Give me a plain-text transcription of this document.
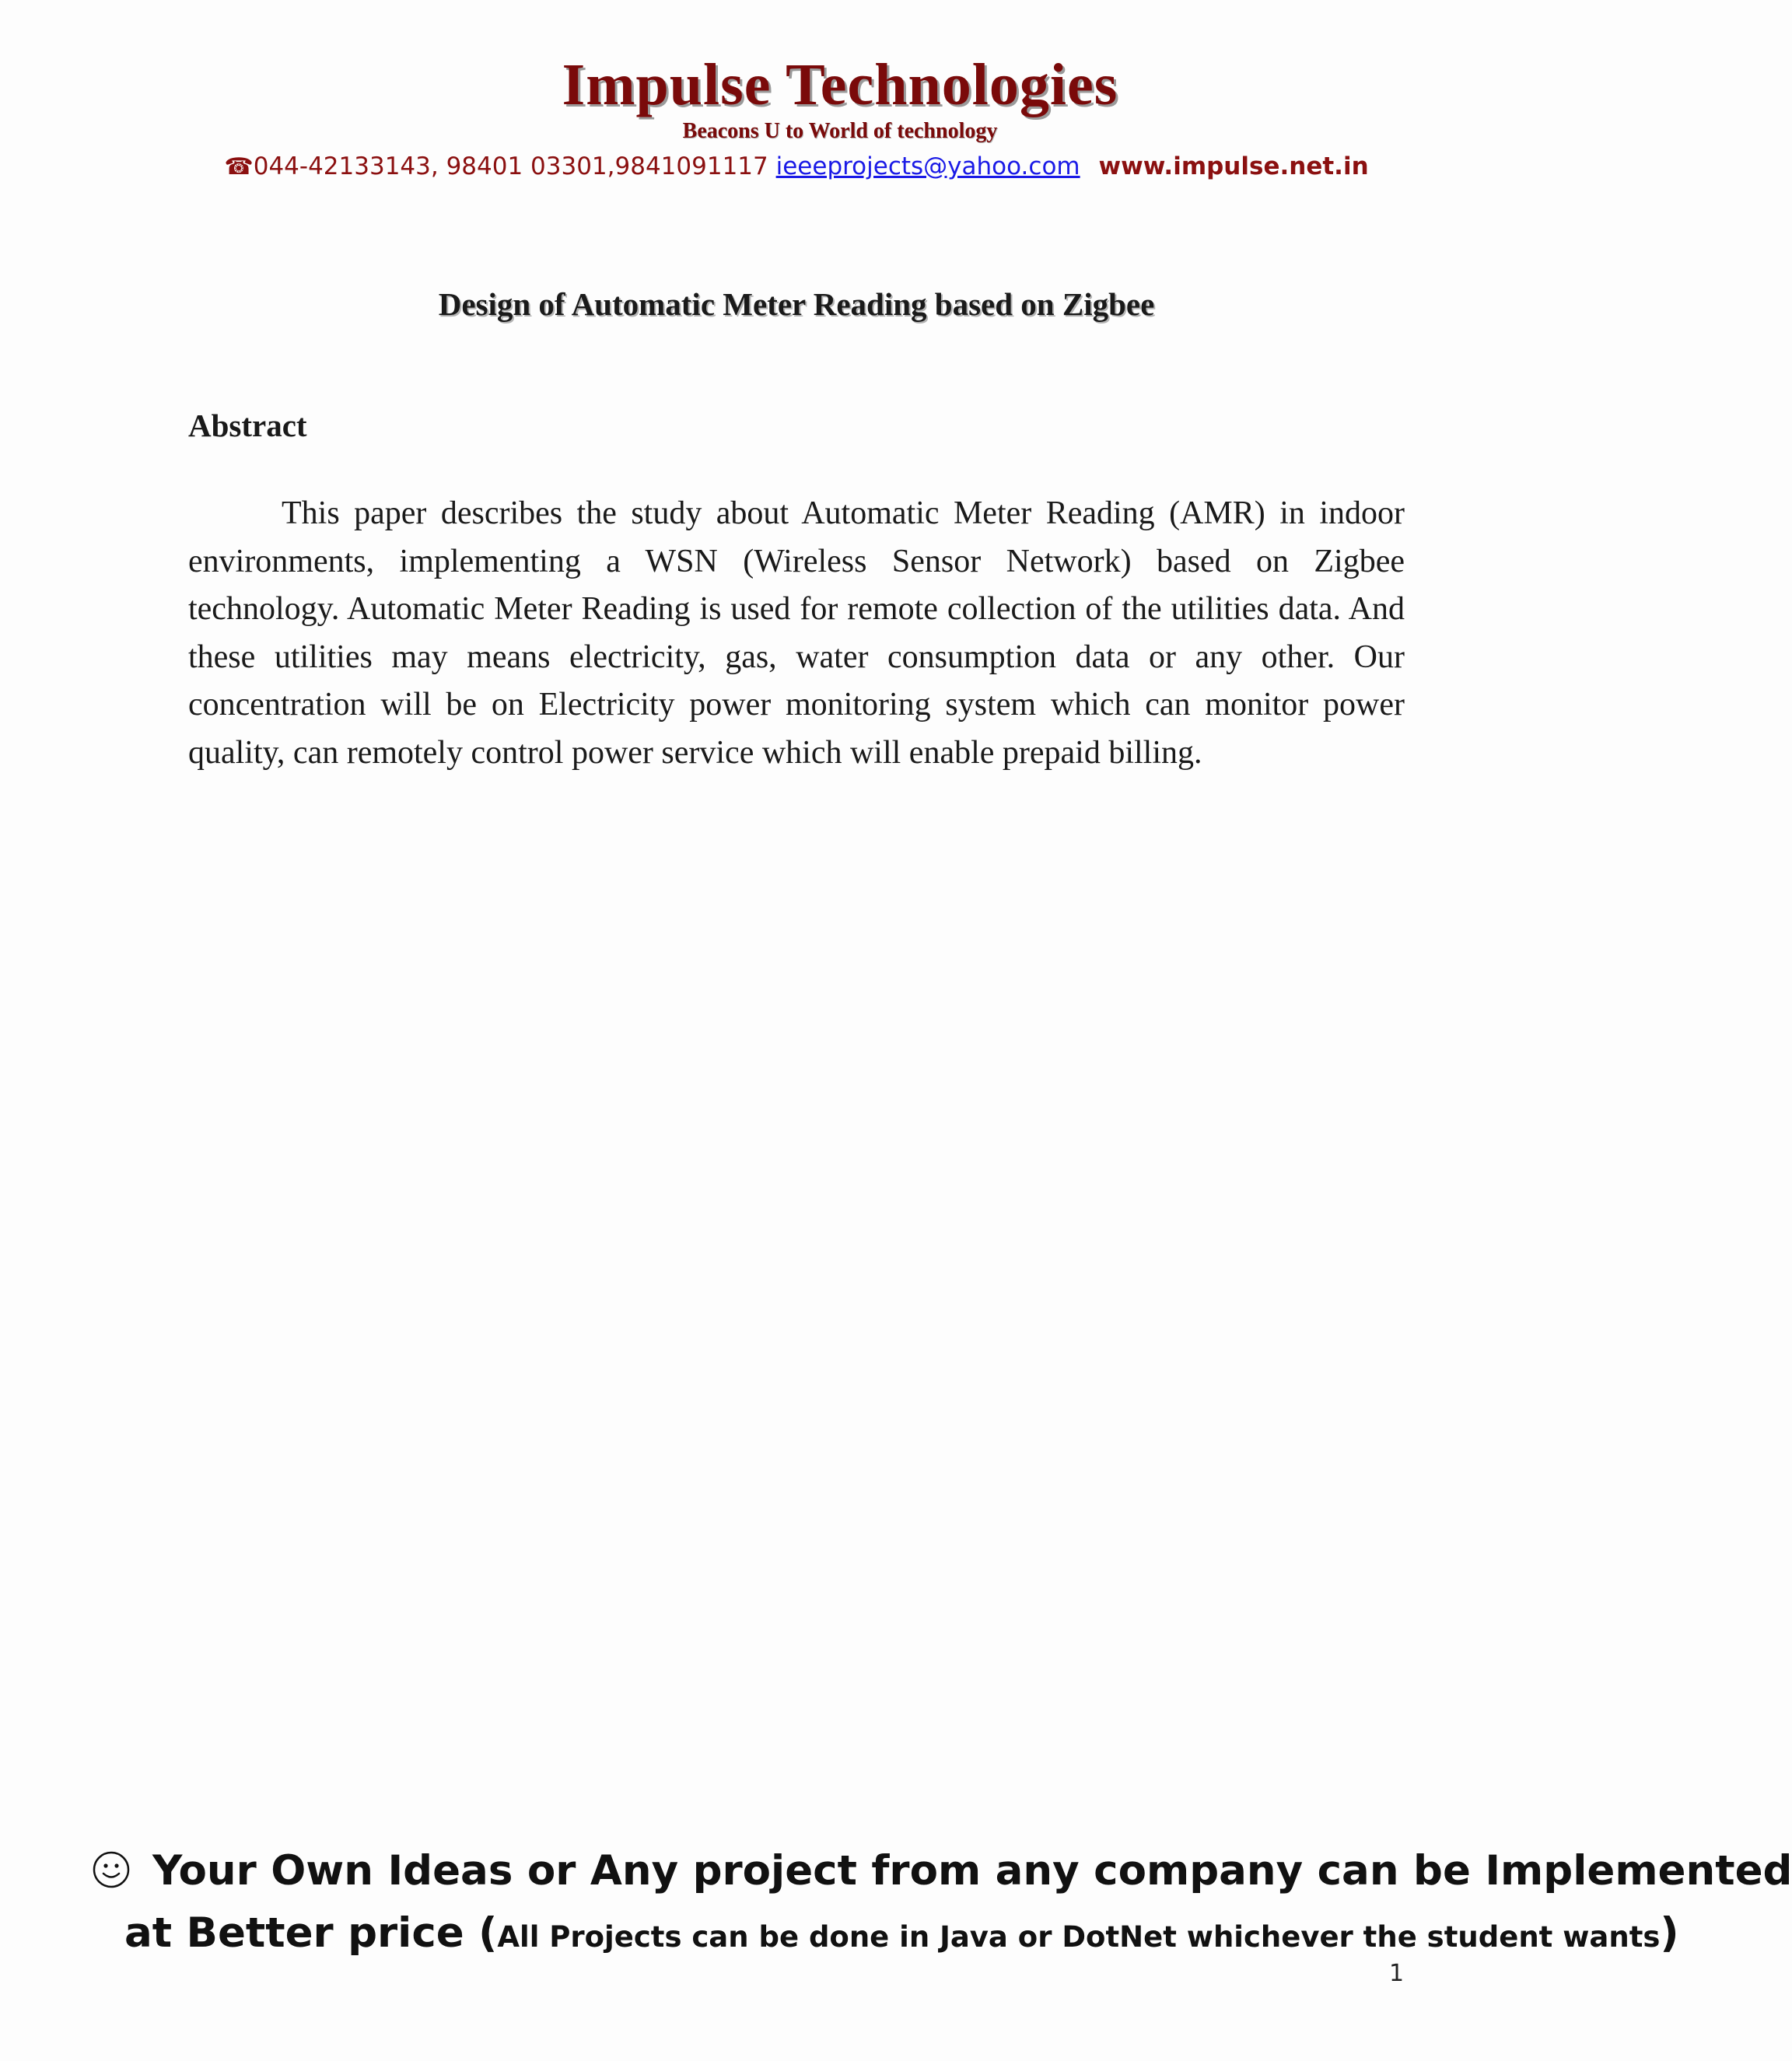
Impulse Technologies
Beacons U to World of technology
☎044-42133143, 98401 03301,9841091117 ieeeprojects@yahoo.com www.impulse.net.in
Design of Automatic Meter Reading based on Zigbee
Abstract

This paper describes the study about Automatic Meter Reading (AMR) in indoor environments, implementing a WSN (Wireless Sensor Network) based on Zigbee technology. Automatic Meter Reading is used for remote collection of the utilities data. And these utilities may means electricity, gas, water consumption data or any other. Our concentration will be on Electricity power monitoring system which can monitor power quality, can remotely control power service which will enable prepaid billing.

Your Own Ideas or Any project from any company can be Implemented
at Better price (All Projects can be done in Java or DotNet whichever the student wants)
1
